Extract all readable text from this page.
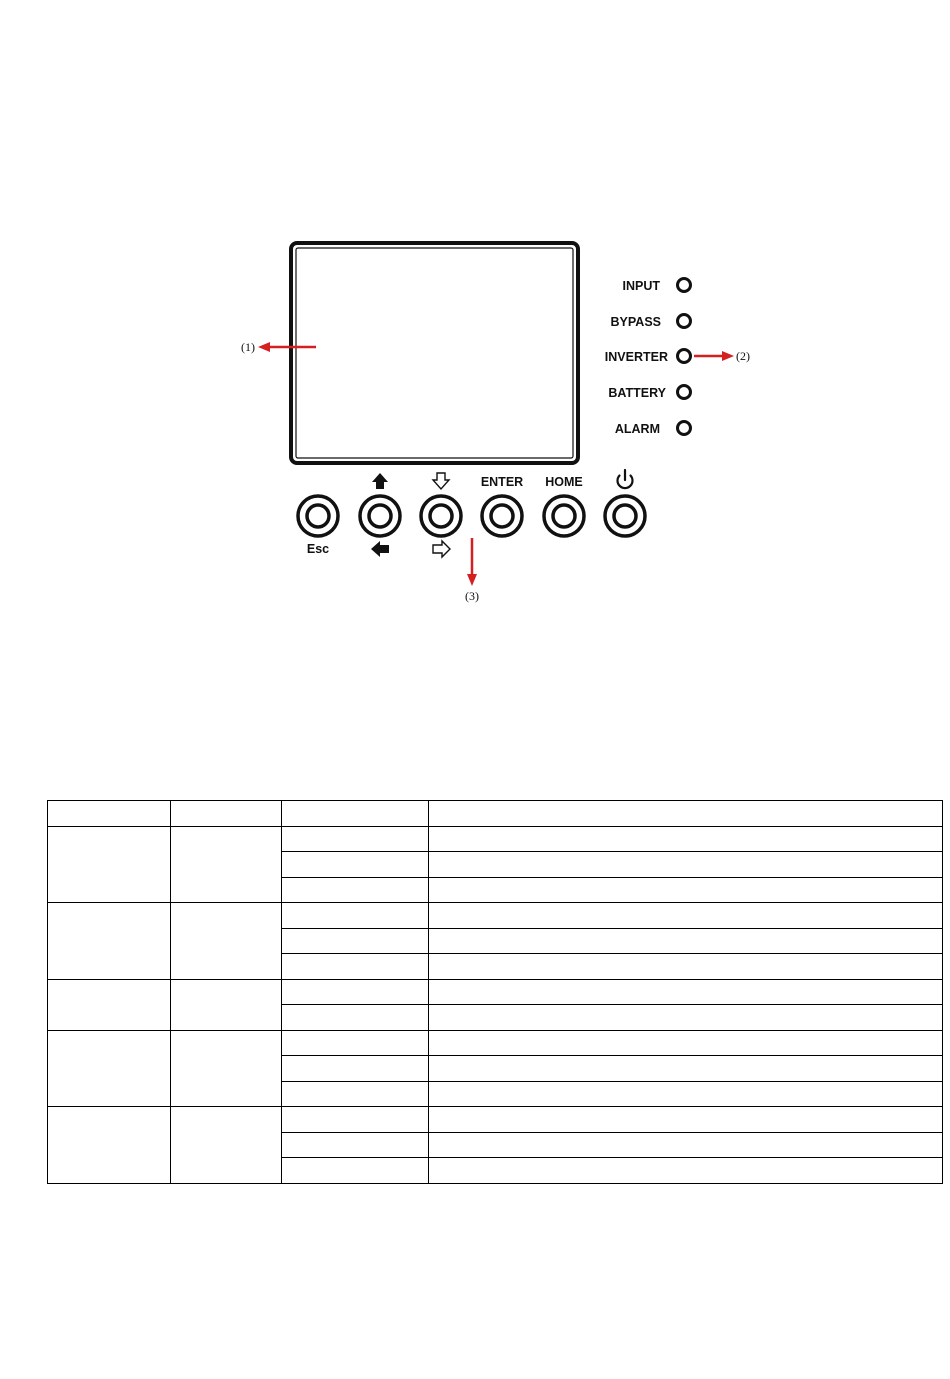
INPUT
BYPASS
INVERTER
BATTERY
ALARM
Esc
ENTER HOME
(1)
(2)
(3)
